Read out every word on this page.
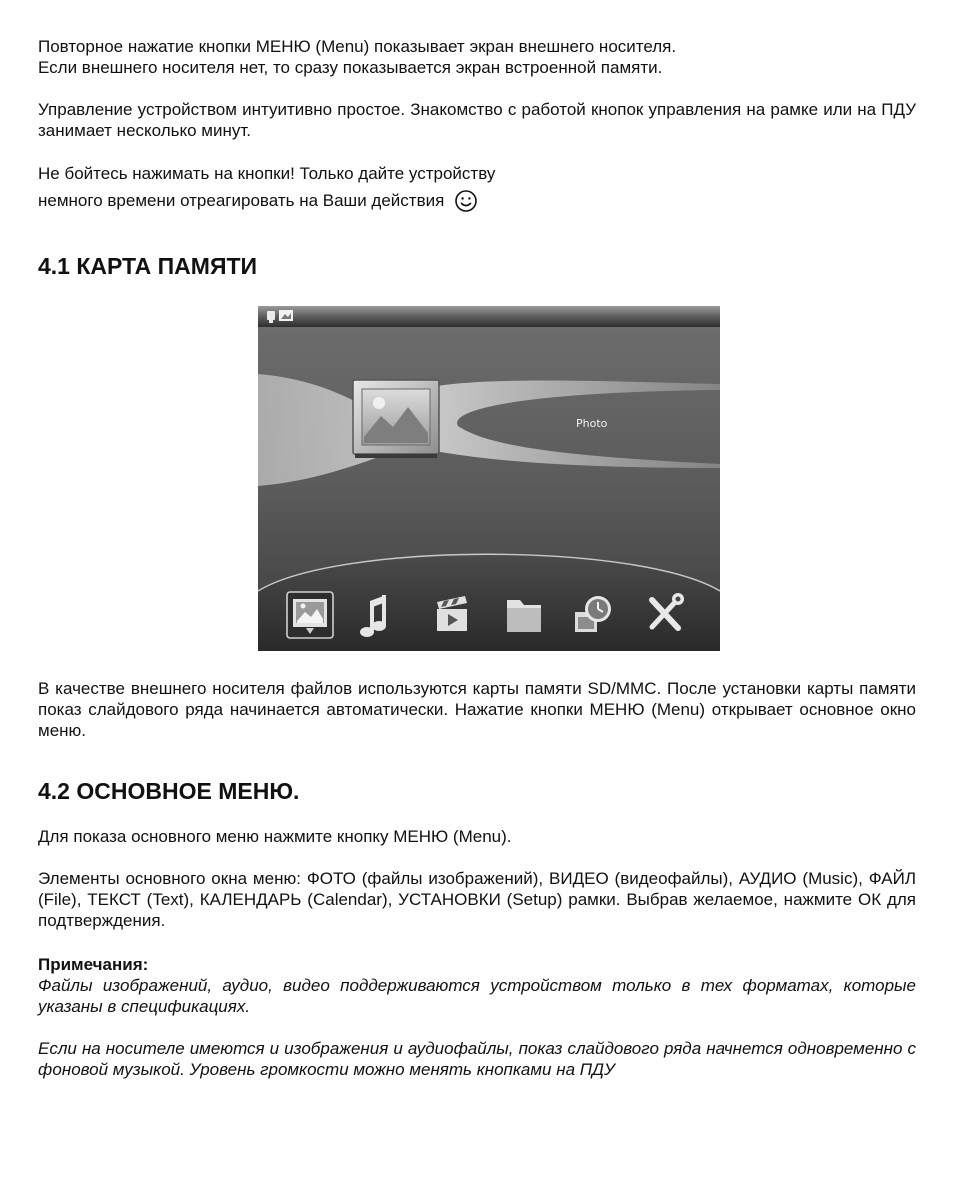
Повторное нажатие кнопки МЕНЮ (Menu) показывает экран внешнего носителя.
Если внешнего носителя нет, то сразу показывается экран встроенной памяти.

Управление устройством интуитивно простое. Знакомство с работой кнопок управления на рамке или на ПДУ занимает несколько минут.

Не бойтесь нажимать на кнопки! Только дайте устройству

немного времени отреагировать на Ваши действия

4.1 КАРТА ПАМЯТИ
Photo

В качестве внешнего носителя файлов используются карты памяти SD/MMC. После установки карты памяти показ слайдового ряда начинается автоматически. Нажатие кнопки МЕНЮ (Menu) открывает основное окно меню.

4.2 ОСНОВНОЕ МЕНЮ.

Для показа основного меню нажмите кнопку МЕНЮ (Menu).

Элементы основного окна меню: ФОТО (файлы изображений), ВИДЕО (видеофайлы), АУДИО (Music), ФАЙЛ (File), ТЕКСТ (Text), КАЛЕНДАРЬ (Calendar), УСТАНОВКИ (Setup) рамки. Выбрав желаемое, нажмите ОК для подтверждения.

Примечания:

Файлы изображений, аудио, видео поддерживаются устройством только в тех форматах, которые указаны в спецификациях.

Если на носителе имеются и изображения и аудиофайлы, показ слайдового ряда начнется одновременно с фоновой музыкой. Уровень громкости можно менять кнопками на ПДУ
